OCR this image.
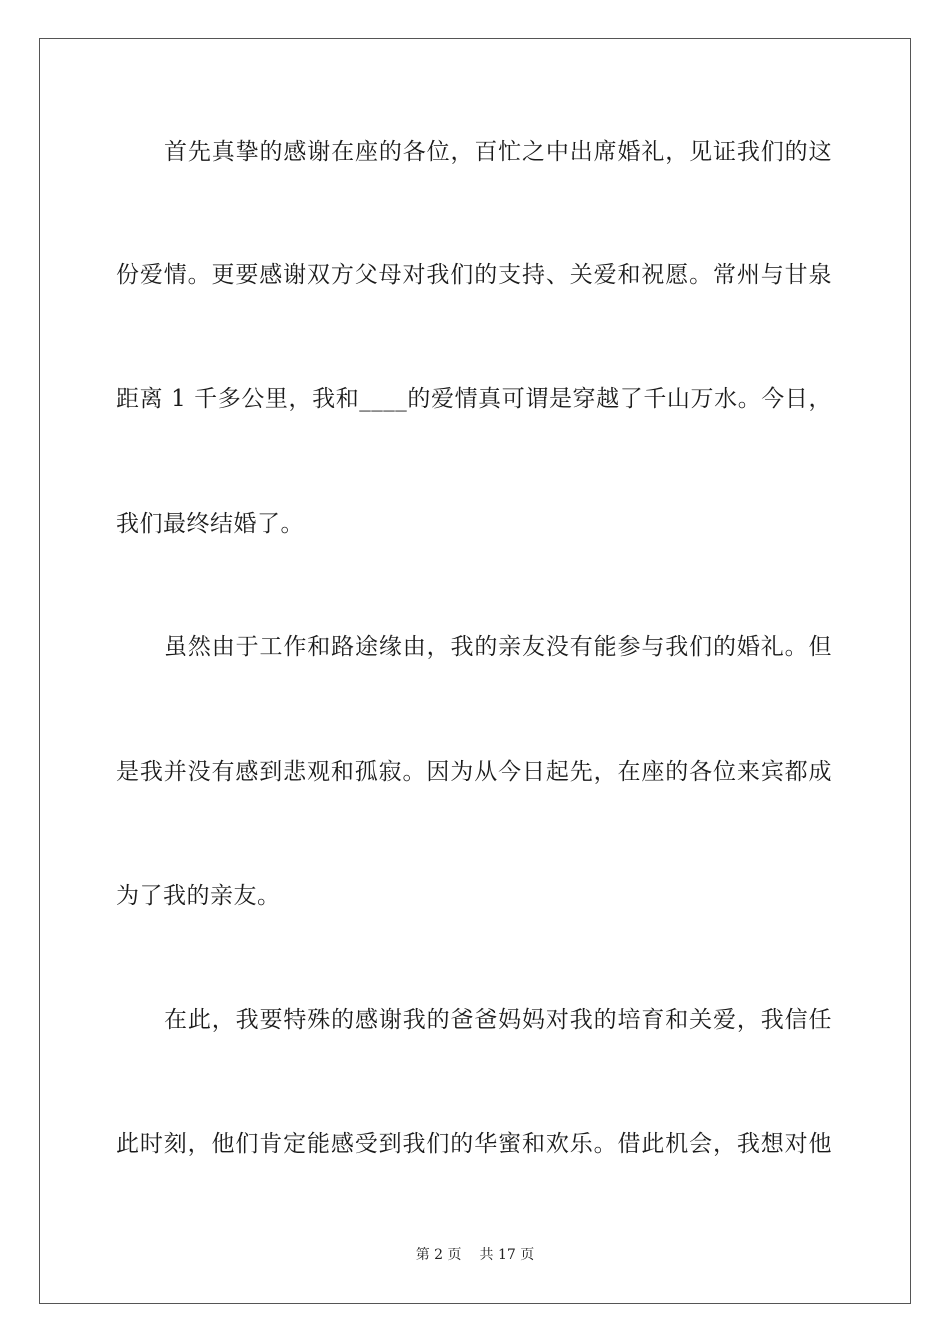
首先真挚的感谢在座的各位，百忙之中出席婚礼，见证我们的这
份爱情。更要感谢双方父母对我们的支持、关爱和祝愿。常州与甘泉
距离 1 千多公里，我和____的爱情真可谓是穿越了千山万水。今日，
我们最终结婚了。
虽然由于工作和路途缘由，我的亲友没有能参与我们的婚礼。但
是我并没有感到悲观和孤寂。因为从今日起先，在座的各位来宾都成
为了我的亲友。
在此，我要特殊的感谢我的爸爸妈妈对我的培育和关爱，我信任
此时刻，他们肯定能感受到我们的华蜜和欢乐。借此机会，我想对他
第 2 页 共 17 页
